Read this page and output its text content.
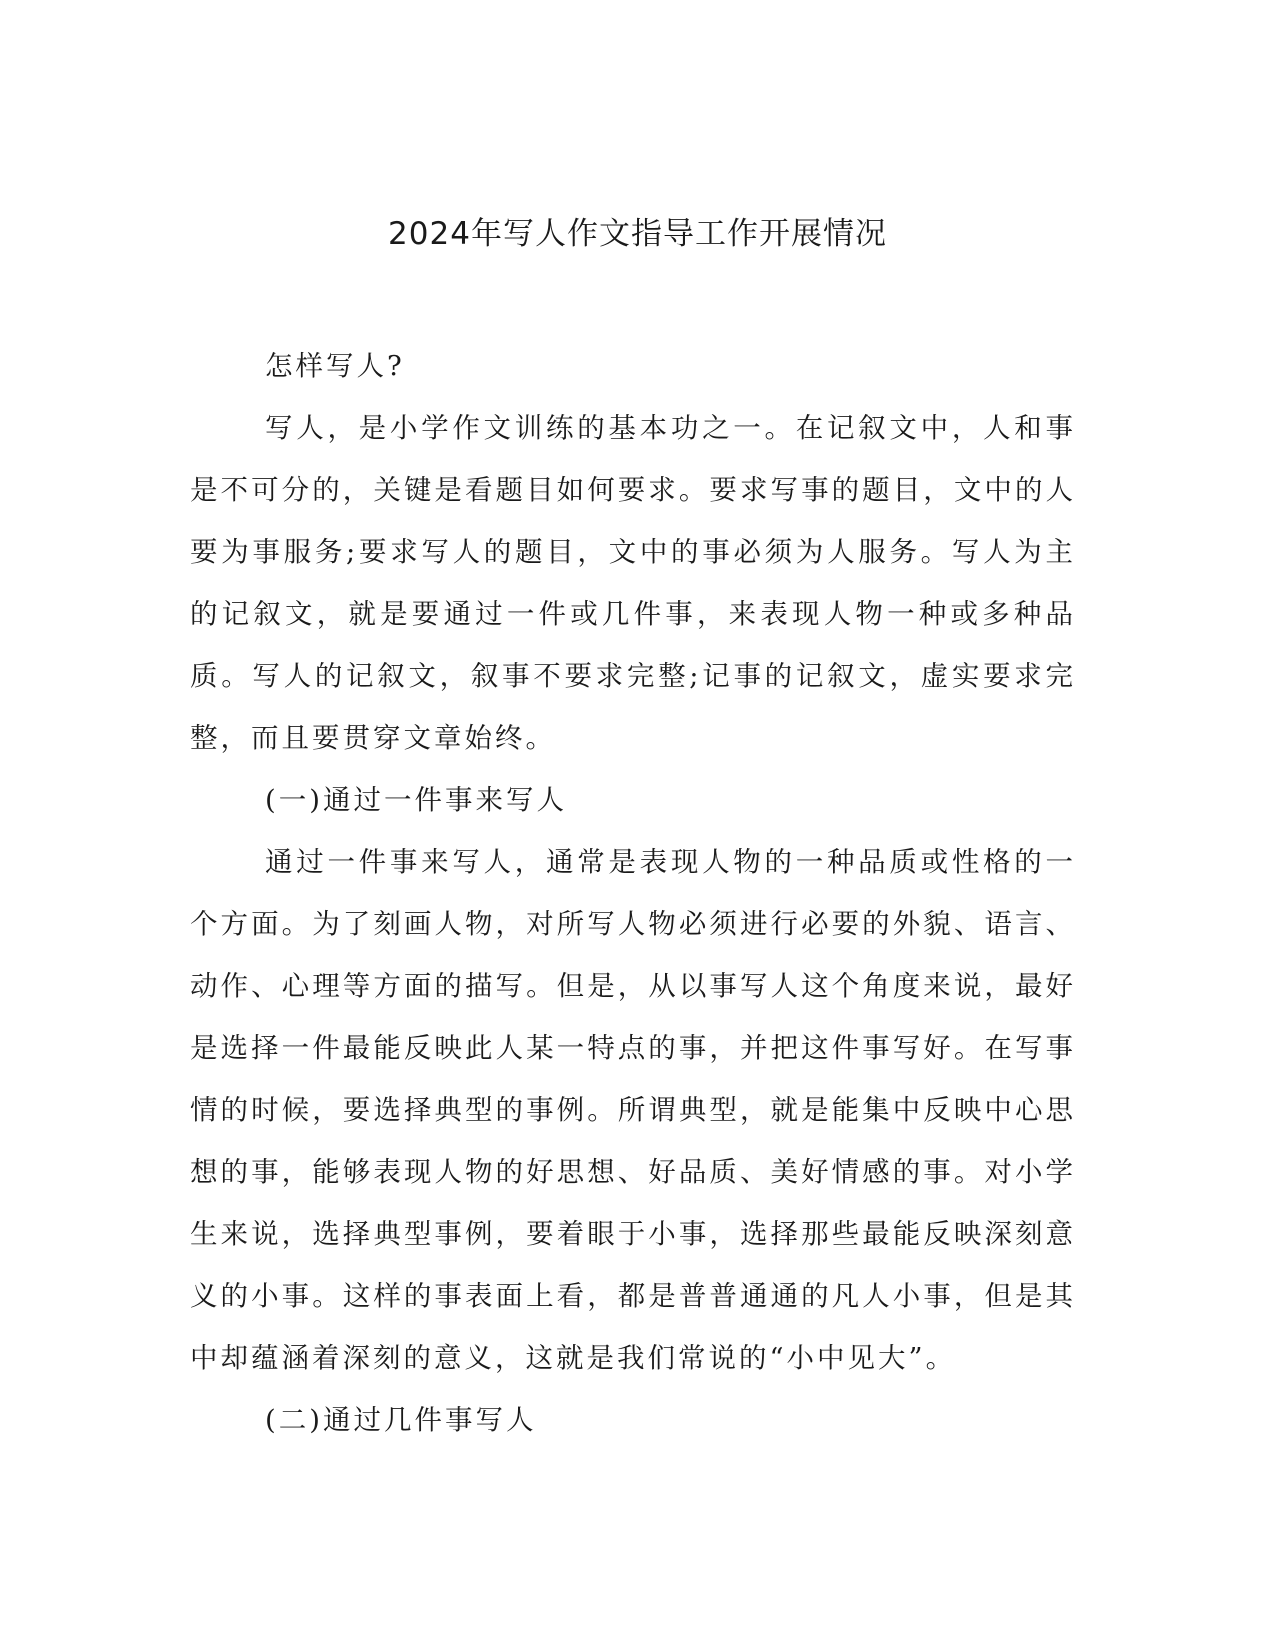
2024年写人作文指导工作开展情况

怎样写人?

写人，是小学作文训练的基本功之一。在记叙文中，人和事是不可分的，关键是看题目如何要求。要求写事的题目，文中的人要为事服务;要求写人的题目，文中的事必须为人服务。写人为主的记叙文，就是要通过一件或几件事，来表现人物一种或多种品质。写人的记叙文，叙事不要求完整;记事的记叙文，虚实要求完整，而且要贯穿文章始终。

(一)通过一件事来写人

通过一件事来写人，通常是表现人物的一种品质或性格的一个方面。为了刻画人物，对所写人物必须进行必要的外貌、语言、动作、心理等方面的描写。但是，从以事写人这个角度来说，最好是选择一件最能反映此人某一特点的事，并把这件事写好。在写事情的时候，要选择典型的事例。所谓典型，就是能集中反映中心思想的事，能够表现人物的好思想、好品质、美好情感的事。对小学生来说，选择典型事例，要着眼于小事，选择那些最能反映深刻意义的小事。这样的事表面上看，都是普普通通的凡人小事，但是其中却蕴涵着深刻的意义，这就是我们常说的“小中见大”。

(二)通过几件事写人
